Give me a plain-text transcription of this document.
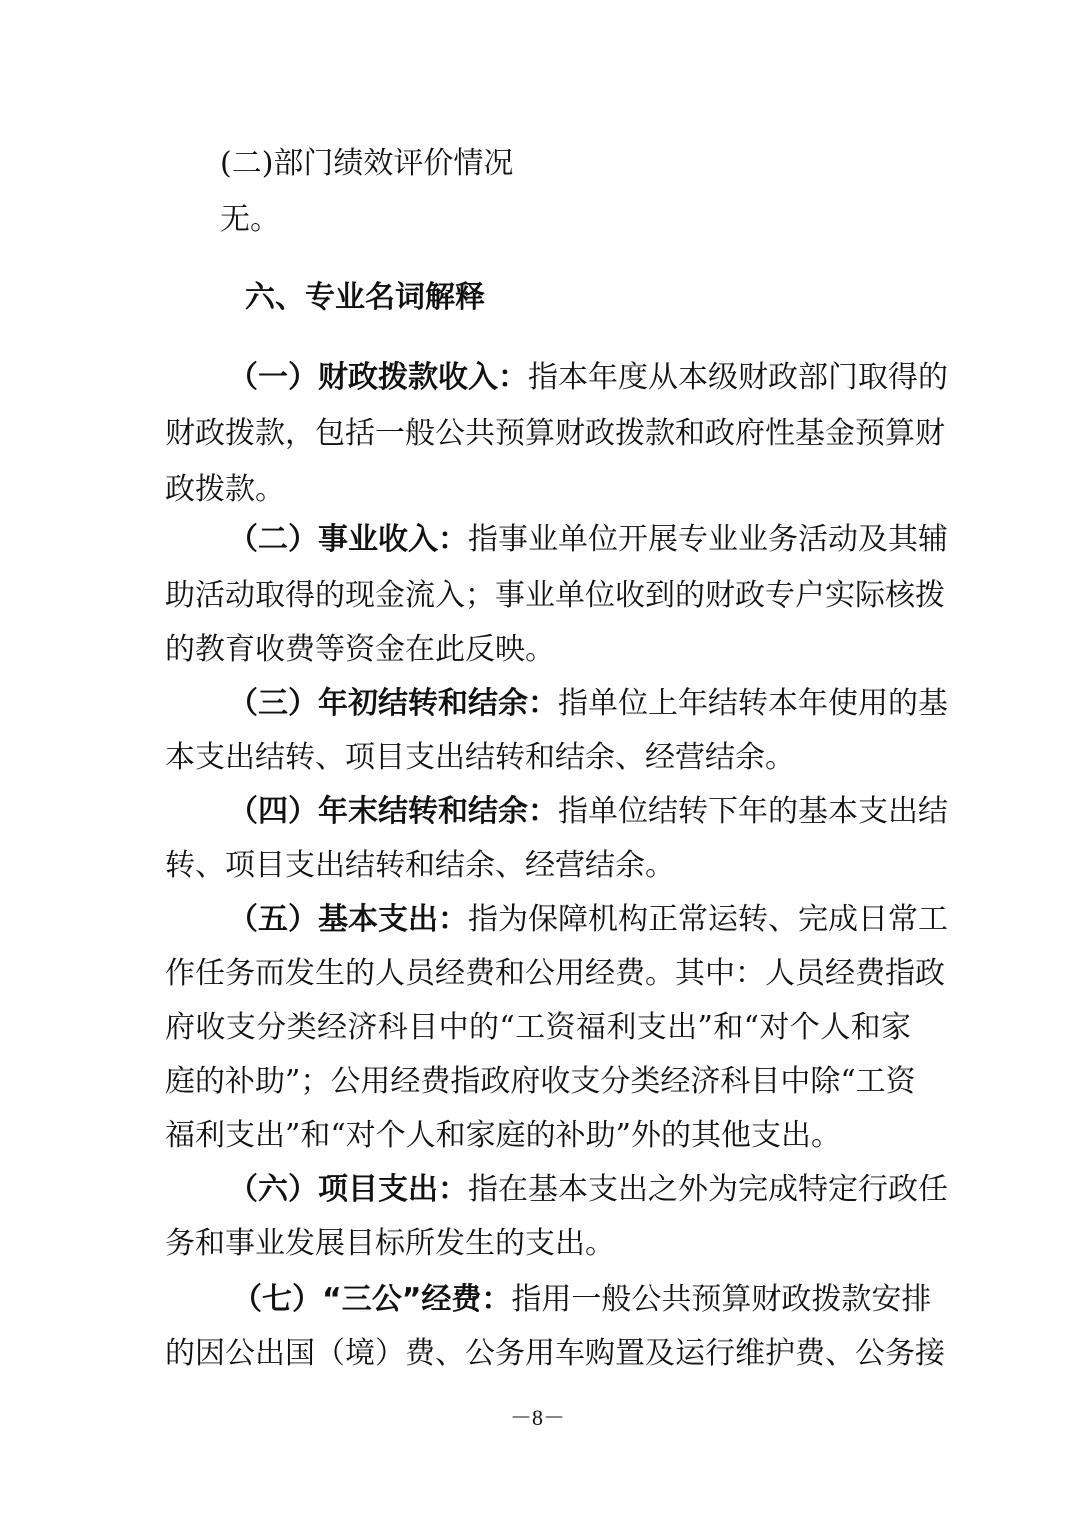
(二)部门绩效评价情况
无。
六、专业名词解释
（一）财政拨款收入：指本年度从本级财政部门取得的
财政拨款，包括一般公共预算财政拨款和政府性基金预算财
政拨款。
（二）事业收入：指事业单位开展专业业务活动及其辅
助活动取得的现金流入；事业单位收到的财政专户实际核拨
的教育收费等资金在此反映。
（三）年初结转和结余：指单位上年结转本年使用的基
本支出结转、项目支出结转和结余、经营结余。
（四）年末结转和结余：指单位结转下年的基本支出结
转、项目支出结转和结余、经营结余。
（五）基本支出：指为保障机构正常运转、完成日常工
作任务而发生的人员经费和公用经费。其中：人员经费指政
府收支分类经济科目中的“工资福利支出”和“对个人和家
庭的补助”；公用经费指政府收支分类经济科目中除“工资
福利支出”和“对个人和家庭的补助”外的其他支出。
（六）项目支出：指在基本支出之外为完成特定行政任
务和事业发展目标所发生的支出。
（七）“三公”经费：指用一般公共预算财政拨款安排
的因公出国（境）费、公务用车购置及运行维护费、公务接
－8－
